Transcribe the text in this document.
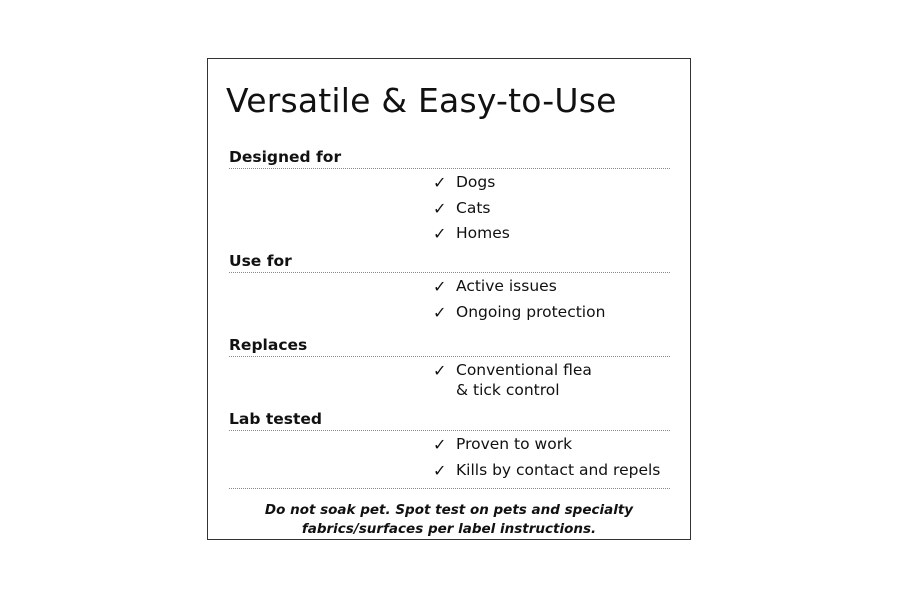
Versatile & Easy-to-Use
Designed for
✓ Dogs
✓ Cats
✓ Homes
Use for
✓ Active issues
✓ Ongoing protection
Replaces
✓ Conventional flea
& tick control
Lab tested
✓ Proven to work
✓ Kills by contact and repels
Do not soak pet. Spot test on pets and specialty
fabrics/surfaces per label instructions.
